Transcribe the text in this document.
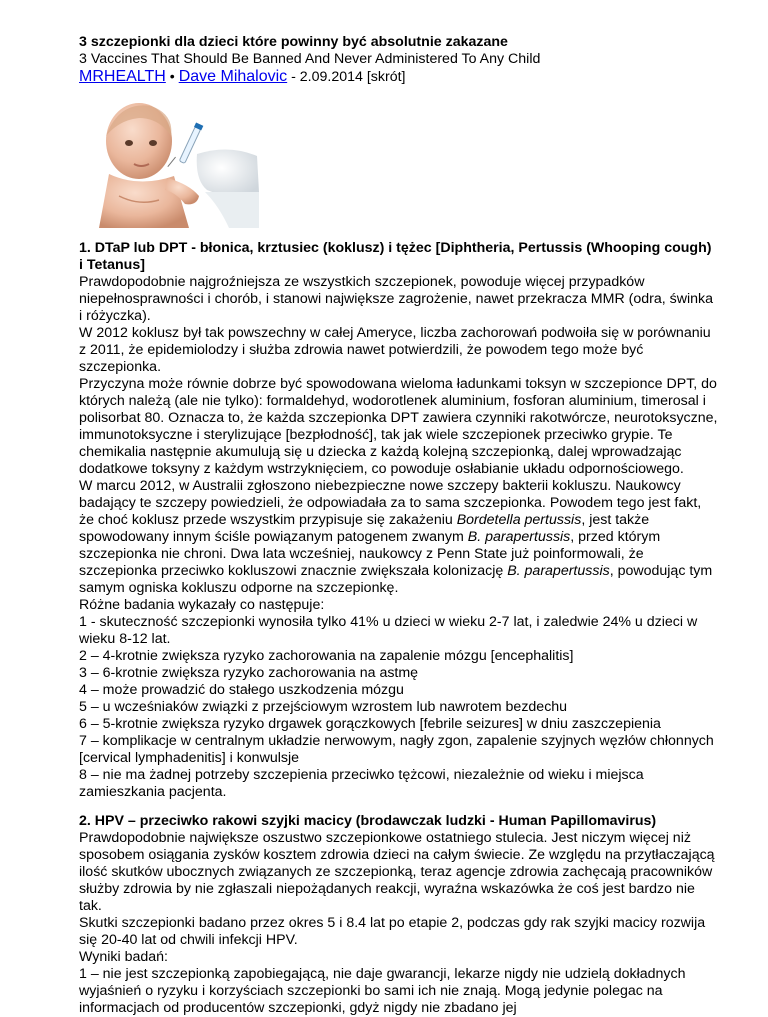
3 szczepionki dla dzieci które powinny być absolutnie zakazane

3 Vaccines That Should Be Banned And Never Administered To Any Child

MRHEALTH • Dave Mihalovic - 2.09.2014 [skrót]

1. DTaP lub DPT - błonica, krztusiec (koklusz) i tężec [Diphtheria, Pertussis (Whooping cough) i Tetanus]

Prawdopodobnie najgroźniejsza ze wszystkich szczepionek, powoduje więcej przypadków niepełnosprawności i chorób, i stanowi największe zagrożenie, nawet przekracza MMR (odra, świnka i różyczka).

W 2012 koklusz był tak powszechny w całej Ameryce, liczba zachorowań podwoiła się w porównaniu z 2011, że epidemiolodzy i służba zdrowia nawet potwierdzili, że powodem tego może być szczepionka.

Przyczyna może równie dobrze być spowodowana wieloma ładunkami toksyn w szczepionce DPT, do których należą (ale nie tylko): formaldehyd, wodorotlenek aluminium, fosforan aluminium, timerosal i polisorbat 80. Oznacza to, że każda szczepionka DPT zawiera czynniki rakotwórcze, neurotoksyczne, immunotoksyczne i sterylizujące [bezpłodność], tak jak wiele szczepionek przeciwko grypie. Te chemikalia następnie akumulują się u dziecka z każdą kolejną szczepionką, dalej wprowadzając dodatkowe toksyny z każdym wstrzyknięciem, co powoduje osłabianie układu odpornościowego.

W marcu 2012, w Australii zgłoszono niebezpieczne nowe szczepy bakterii kokluszu. Naukowcy badający te szczepy powiedzieli, że odpowiadała za to sama szczepionka. Powodem tego jest fakt, że choć koklusz przede wszystkim przypisuje się zakażeniu Bordetella pertussis, jest także spowodowany innym ściśle powiązanym patogenem zwanym B. parapertussis, przed którym szczepionka nie chroni. Dwa lata wcześniej, naukowcy z Penn State już poinformowali, że szczepionka przeciwko kokluszowi znacznie zwiększała kolonizację B. parapertussis, powodując tym samym ogniska kokluszu odporne na szczepionkę.

Różne badania wykazały co następuje:

1 - skuteczność szczepionki wynosiła tylko 41% u dzieci w wieku 2-7 lat, i zaledwie 24% u dzieci w wieku 8-12 lat.

2 – 4-krotnie zwiększa ryzyko zachorowania na zapalenie mózgu [encephalitis]

3 – 6-krotnie zwiększa ryzyko zachorowania na astmę

4 – może prowadzić do stałego uszkodzenia mózgu

5 – u wcześniaków związki z przejściowym wzrostem lub nawrotem bezdechu

6 – 5-krotnie zwiększa ryzyko drgawek gorączkowych [febrile seizures] w dniu zaszczepienia

7 – komplikacje w centralnym układzie nerwowym, nagły zgon, zapalenie szyjnych węzłów chłonnych [cervical lymphadenitis] i konwulsje

8 – nie ma żadnej potrzeby szczepienia przeciwko tężcowi, niezależnie od wieku i miejsca zamieszkania pacjenta.

2. HPV – przeciwko rakowi szyjki macicy (brodawczak ludzki - Human Papillomavirus)

Prawdopodobnie największe oszustwo szczepionkowe ostatniego stulecia. Jest niczym więcej niż sposobem osiągania zysków kosztem zdrowia dzieci na całym świecie. Ze względu na przytłaczającą ilość skutków ubocznych związanych ze szczepionką, teraz agencje zdrowia zachęcają pracowników służby zdrowia by nie zgłaszali niepożądanych reakcji, wyraźna wskazówka że coś jest bardzo nie tak.

Skutki szczepionki badano przez okres 5 i 8.4 lat po etapie 2, podczas gdy rak szyjki macicy rozwija się 20-40 lat od chwili infekcji HPV.

Wyniki badań:

1 – nie jest szczepionką zapobiegającą, nie daje gwarancji, lekarze nigdy nie udzielą dokładnych wyjaśnień o ryzyku i korzyściach szczepionki bo sami ich nie znają. Mogą jedynie polegac na informacjach od producentów szczepionki, gdyż nigdy nie zbadano jej
